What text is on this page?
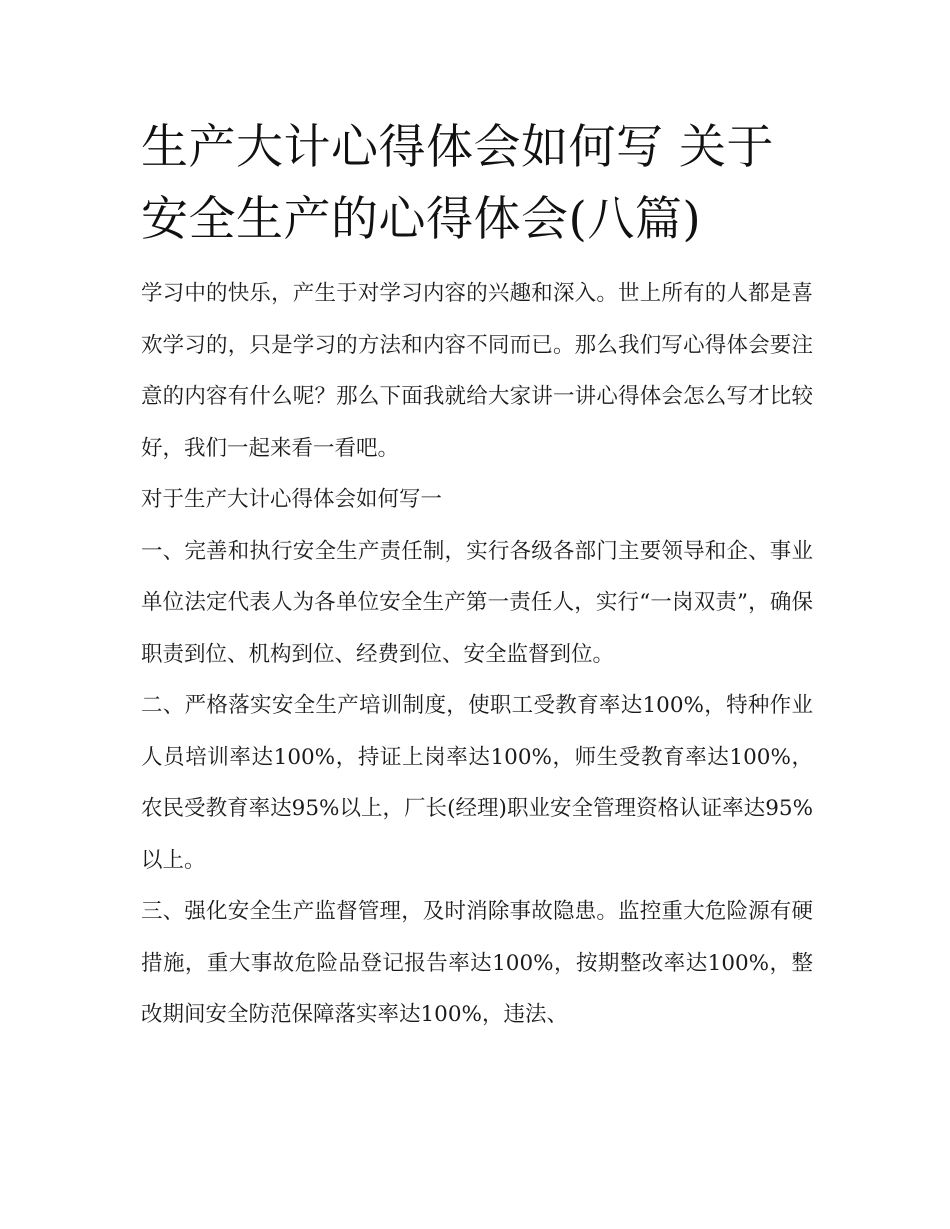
生产大计心得体会如何写 关于安全生产的心得体会(八篇)

学习中的快乐，产生于对学习内容的兴趣和深入。世上所有的人都是喜欢学习的，只是学习的方法和内容不同而已。那么我们写心得体会要注意的内容有什么呢？那么下面我就给大家讲一讲心得体会怎么写才比较好，我们一起来看一看吧。

对于生产大计心得体会如何写一

一、完善和执行安全生产责任制，实行各级各部门主要领导和企、事业单位法定代表人为各单位安全生产第一责任人，实行“一岗双责”，确保职责到位、机构到位、经费到位、安全监督到位。

二、严格落实安全生产培训制度，使职工受教育率达100%，特种作业人员培训率达100%，持证上岗率达100%，师生受教育率达100%，农民受教育率达95%以上，厂长(经理)职业安全管理资格认证率达95%以上。

三、强化安全生产监督管理，及时消除事故隐患。监控重大危险源有硬措施，重大事故危险品登记报告率达100%，按期整改率达100%，整改期间安全防范保障落实率达100%，违法、
